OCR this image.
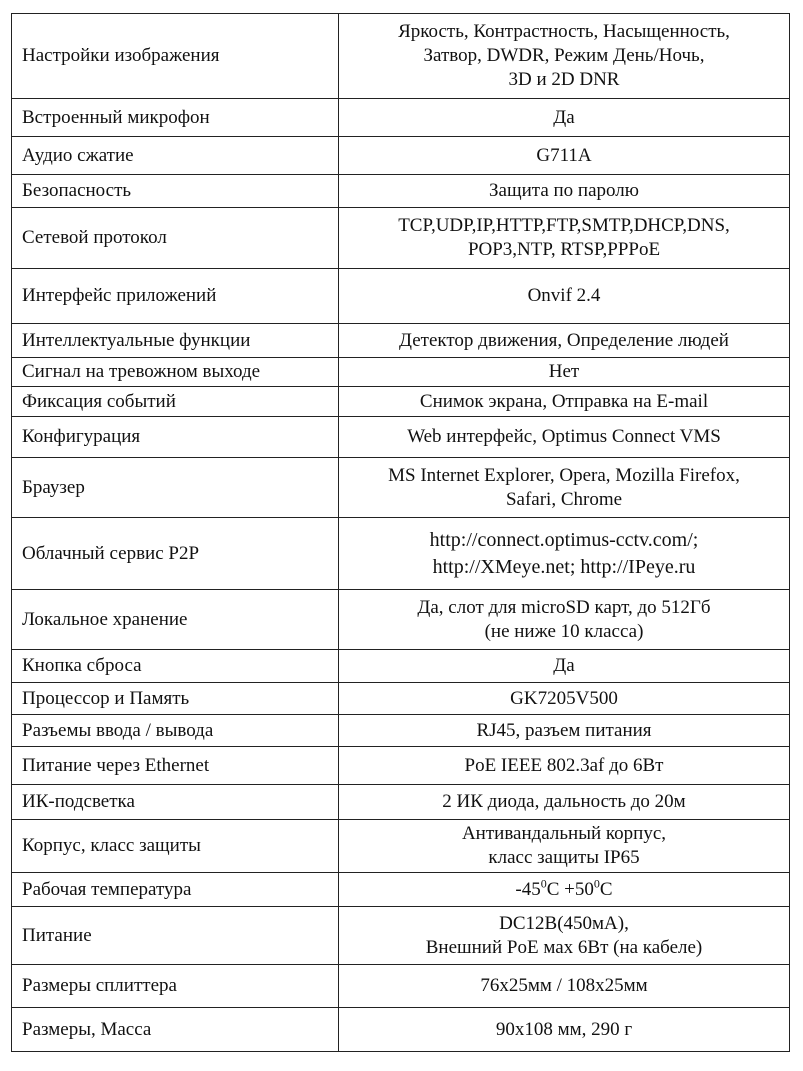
Настройки изображения	Яркость, Контрастность, Насыщенность,
Затвор, DWDR, Режим День/Ночь,
3D и 2D DNR

Встроенный микрофон	Да

Аудио сжатие	G711A

Безопасность	Защита по паролю

Сетевой протокол	TCP,UDP,IP,HTTP,FTP,SMTP,DHCP,DNS,
POP3,NTP, RTSP,PPPoE

Интерфейс приложений	Onvif 2.4

Интеллектуальные функции	Детектор движения, Определение людей

Сигнал на тревожном выходе	Нет

Фиксация событий	Снимок экрана, Отправка на E-mail

Конфигурация	Web интерфейс, Optimus Connect VMS

Браузер	MS Internet Explorer, Opera, Mozilla Firefox,
Safari, Chrome

Облачный сервис P2P	http://connect.optimus-cctv.com/;
http://XMeye.net; http://IPeye.ru

Локальное хранение	Да, слот для microSD карт, до 512Гб
(не ниже 10 класса)

Кнопка сброса	Да

Процессор и Память	GK7205V500

Разъемы ввода / вывода	RJ45, разъем питания

Питание через Ethernet	PoE IEEE 802.3af до 6Вт

ИК-подсветка	2 ИК диода, дальность до 20м

Корпус, класс защиты	Антивандальный корпус,
класс защиты IP65

Рабочая температура	$-45^0C +50^0C$

Питание	DC12В(450мА),
Внешний PoE мах 6Вт (на кабеле)

Размеры сплиттера	76x25мм / 108x25мм

Размеры, Масса	90x108 мм, 290 г
